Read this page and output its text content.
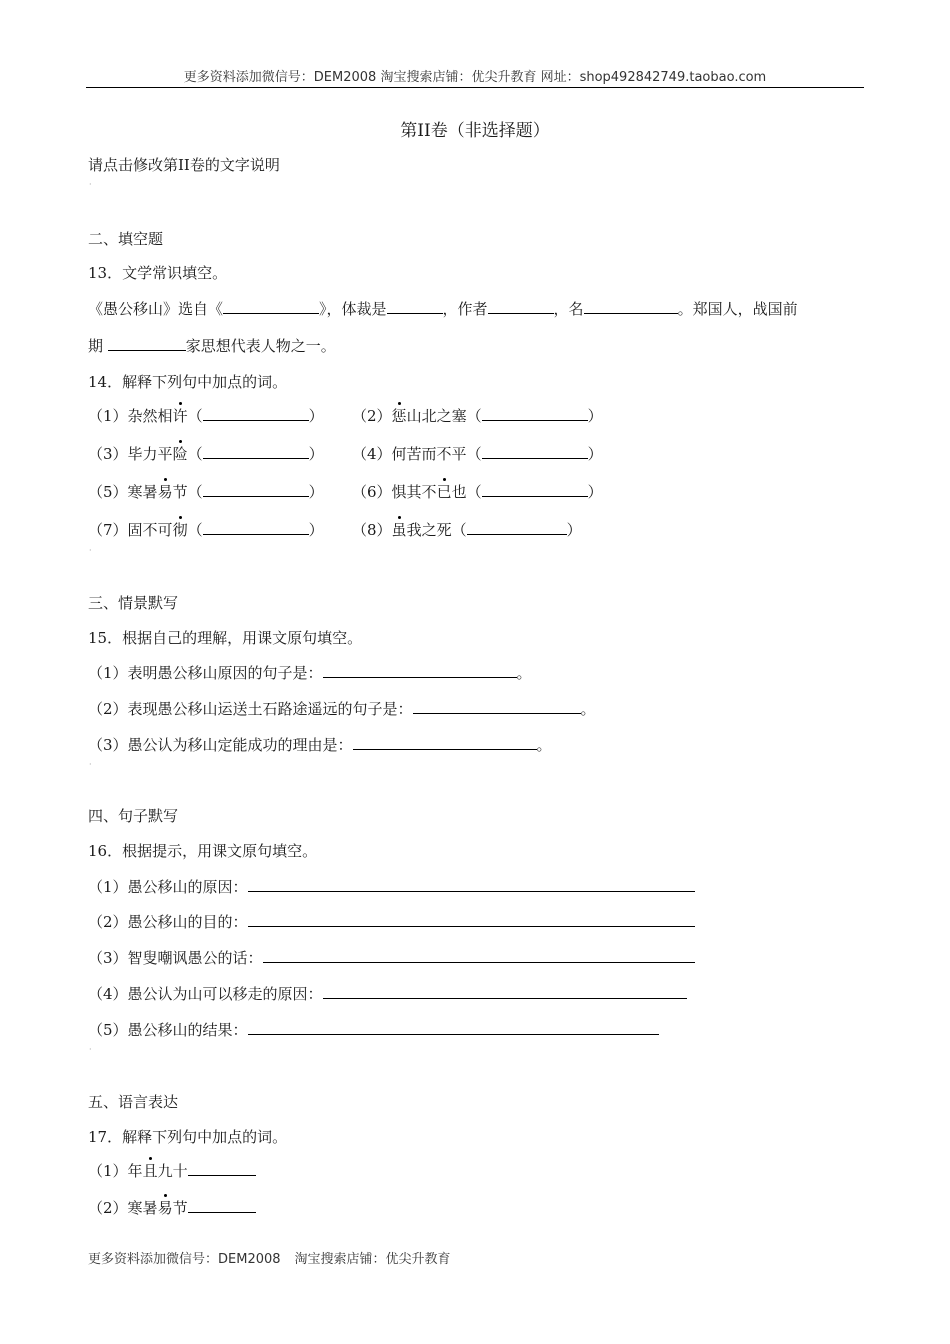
更多资料添加微信号：DEM2008 淘宝搜索店铺：优尖升教育 网址：shop492842749.taobao.com
第II卷（非选择题）
请点击修改第II卷的文字说明
·
二、填空题
13．文学常识填空。
《愚公移山》选自《	》，体裁是	，作者	，名	。郑国人，战国前
期	家思想代表人物之一。
14．解释下列句中加点的词。
（1）杂然相许（	） （2）惩山北之塞（	）
（3）毕力平险（	） （4）何苦而不平（	）
（5）寒暑易节（	） （6）惧其不已也（	）
（7）固不可彻（	） （8）虽我之死（	）
·
三、情景默写
15．根据自己的理解，用课文原句填空。
（1）表明愚公移山原因的句子是：	。
（2）表现愚公移山运送土石路途遥远的句子是：	。
（3）愚公认为移山定能成功的理由是：	。
·
四、句子默写
16．根据提示，用课文原句填空。
（1）愚公移山的原因：
（2）愚公移山的目的：
（3）智叟嘲讽愚公的话：
（4）愚公认为山可以移走的原因：
（5）愚公移山的结果：
·
五、语言表达
17．解释下列句中加点的词。
（1）年且九十
（2）寒暑易节
更多资料添加微信号：DEM2008 淘宝搜索店铺：优尖升教育
